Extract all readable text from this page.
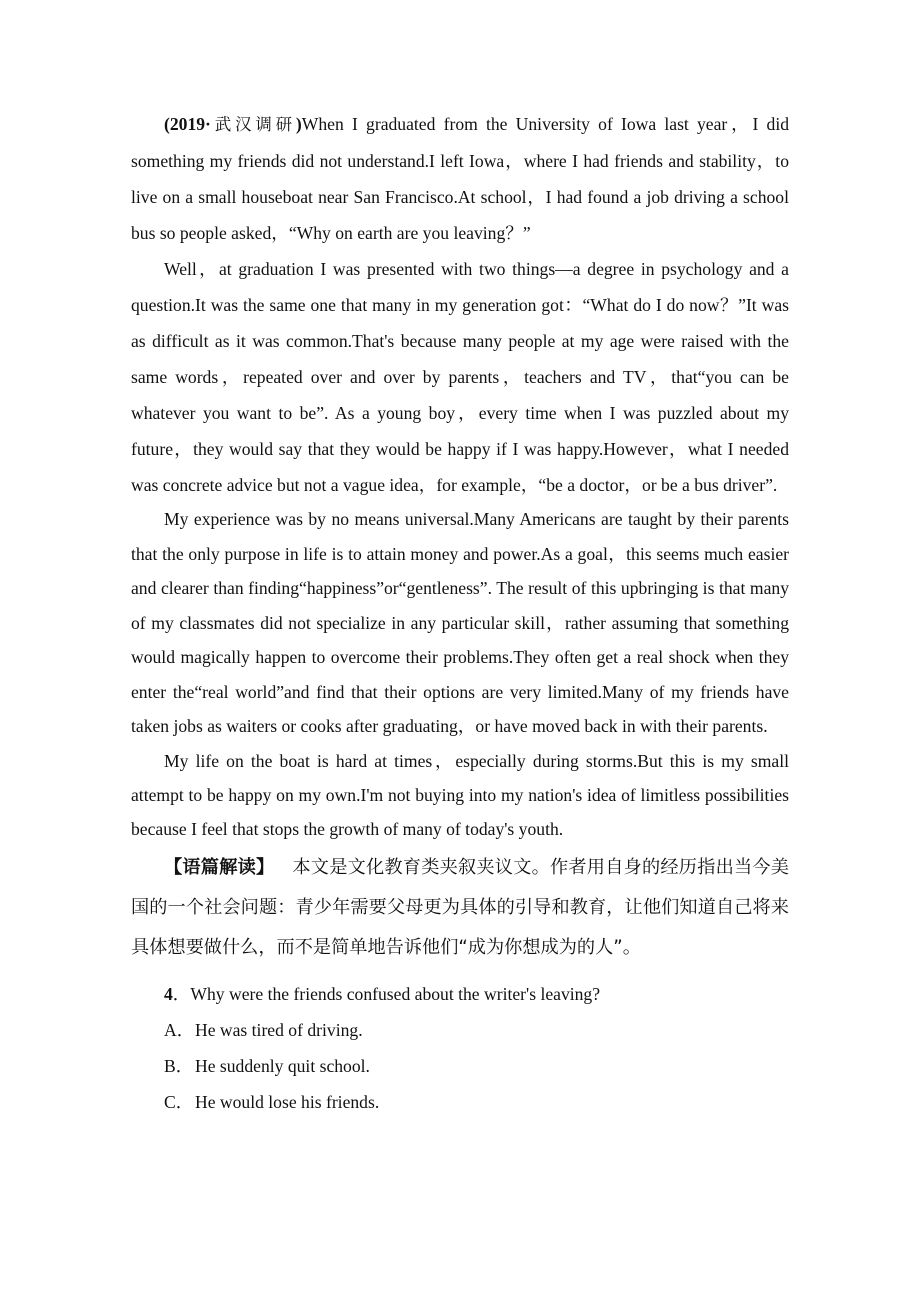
(2019·武汉调研)When I graduated from the University of Iowa last year，I did something my friends did not understand.I left Iowa，where I had friends and stability，to live on a small houseboat near San Francisco.At school，I had found a job driving a school bus so people asked，“Why on earth are you leaving？”

Well，at graduation I was presented with two things—a degree in psychology and a question.It was the same one that many in my generation got：“What do I do now？”It was as difficult as it was common.That's because many people at my age were raised with the same words，repeated over and over by parents，teachers and TV，that“you can be whatever you want to be”. As a young boy，every time when I was puzzled about my future，they would say that they would be happy if I was happy.However，what I needed was concrete advice but not a vague idea，for example，“be a doctor，or be a bus driver”.

My experience was by no means universal.Many Americans are taught by their parents that the only purpose in life is to attain money and power.As a goal，this seems much easier and clearer than finding“happiness”or“gentleness”. The result of this upbringing is that many of my classmates did not specialize in any particular skill，rather assuming that something would magically happen to overcome their problems.They often get a real shock when they enter the“real world”and find that their options are very limited.Many of my friends have taken jobs as waiters or cooks after graduating，or have moved back in with their parents.

My life on the boat is hard at times，especially during storms.But this is my small attempt to be happy on my own.I'm not buying into my nation's idea of limitless possibilities because I feel that stops the growth of many of today's youth.

【语篇解读】 本文是文化教育类夹叙夹议文。作者用自身的经历指出当今美国的一个社会问题：青少年需要父母更为具体的引导和教育，让他们知道自己将来具体想要做什么，而不是简单地告诉他们“成为你想成为的人”。

4．Why were the friends confused about the writer's leaving?
A．He was tired of driving.
B．He suddenly quit school.
C．He would lose his friends.
